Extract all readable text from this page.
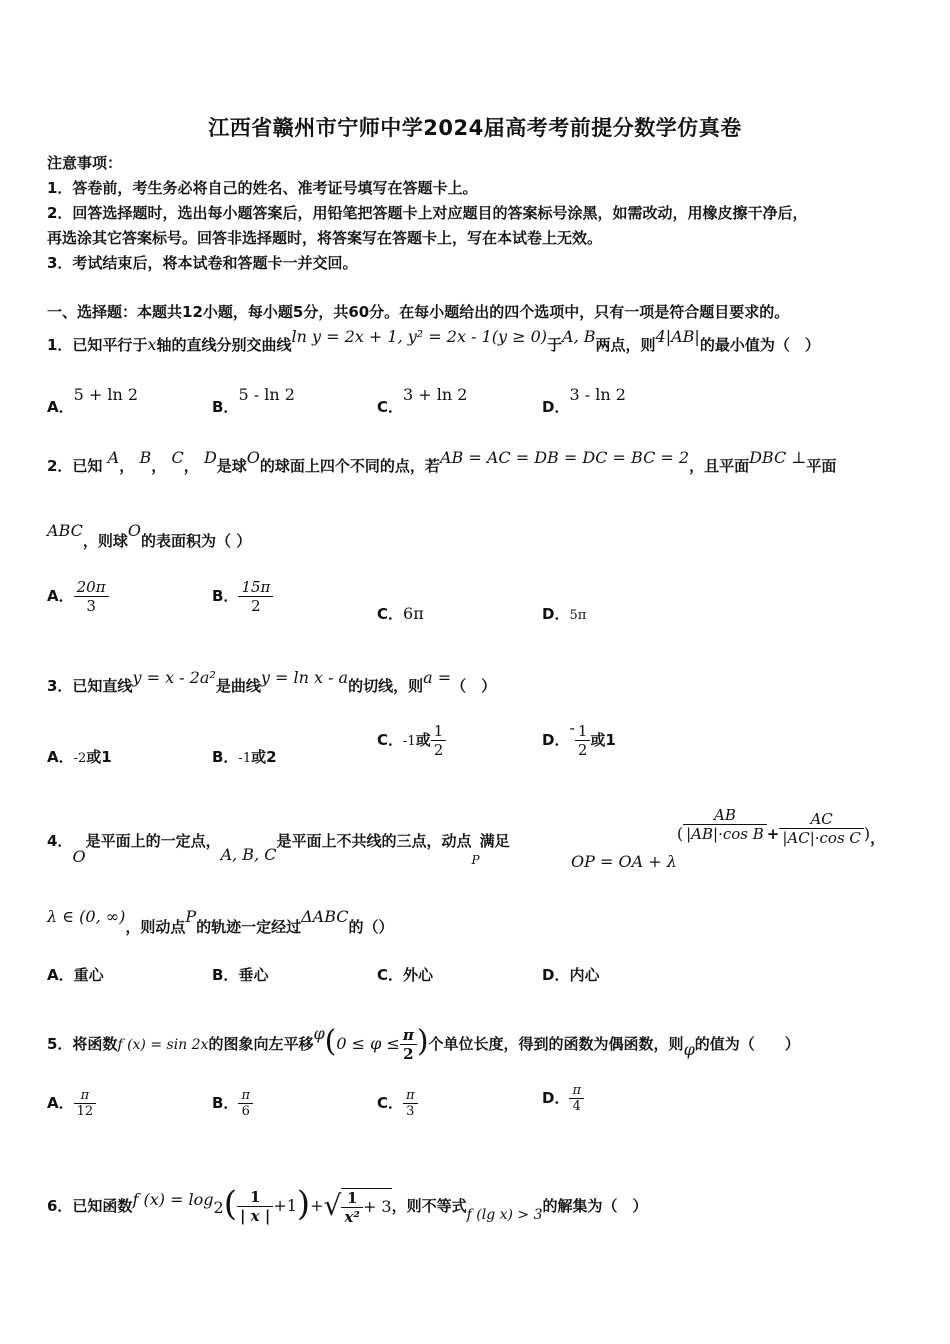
江西省赣州市宁师中学2024届高考考前提分数学仿真卷
注意事项：
1．答卷前，考生务必将自己的姓名、准考证号填写在答题卡上。
2．回答选择题时，选出每小题答案后，用铅笔把答题卡上对应题目的答案标号涂黑，如需改动，用橡皮擦干净后，
再选涂其它答案标号。回答非选择题时，将答案写在答题卡上，写在本试卷上无效。
3．考试结束后，将本试卷和答题卡一并交回。
一、选择题：本题共12小题，每小题5分，共60分。在每小题给出的四个选项中，只有一项是符合题目要求的。
1．已知平行于x轴的直线分别交曲线ln y = 2x + 1, y² = 2x - 1(y ≥ 0)于A, B两点，则4|AB|的最小值为（　）
A．5 + ln 2
B．5 - ln 2
C．3 + ln 2
D．3 - ln 2
2．已知 A， B， C， D是球O的球面上四个不同的点，若AB = AC = DB = DC = BC = 2，且平面DBC ⊥平面
ABC，则球O的表面积为（ ）
A． $\frac{20\pi}{3}$	B． $\frac{15\pi}{2}$	C．6π	D．5π
3．已知直线y = x - 2a²是曲线y = ln x - a的切线，则a =（　）
A．-2或1	B．-1或2
C．-1或 $\frac{1}{2}$	D．- $\frac{1}{2}$ 或1
4．O是平面上的一定点，A, B, C是平面上不共线的三点，动点$_P$满足
OP = OA + $\lambda( \frac{AB}{\text{|AB|·cos B}} + \frac{AC}{\text{|AC|·cos C}}$ )，
λ ∈ (0, ∞)，则动点P的轨迹一定经过ΔABC的（）
A．重心	B．垂心	C．外心	D．内心
5．将函数f (x) = sin 2x的图象向左平移$\varphi(0 \le \varphi \le \frac{\pi}{2}$ )个单位长度，得到的函数为偶函数，则φ的值为（　　）
A． $\frac{\pi}{12}$	B． $\frac{\pi}{6}$	C． $\frac{\pi}{3}$	D． $\frac{\pi}{4}$
6．已知函数f $(x) = \log_2( \frac{1}{| x |} +1)+√ \frac{1}{\text{x²}} + 3$，则不等式f (lg x) > 3的解集为（　）
